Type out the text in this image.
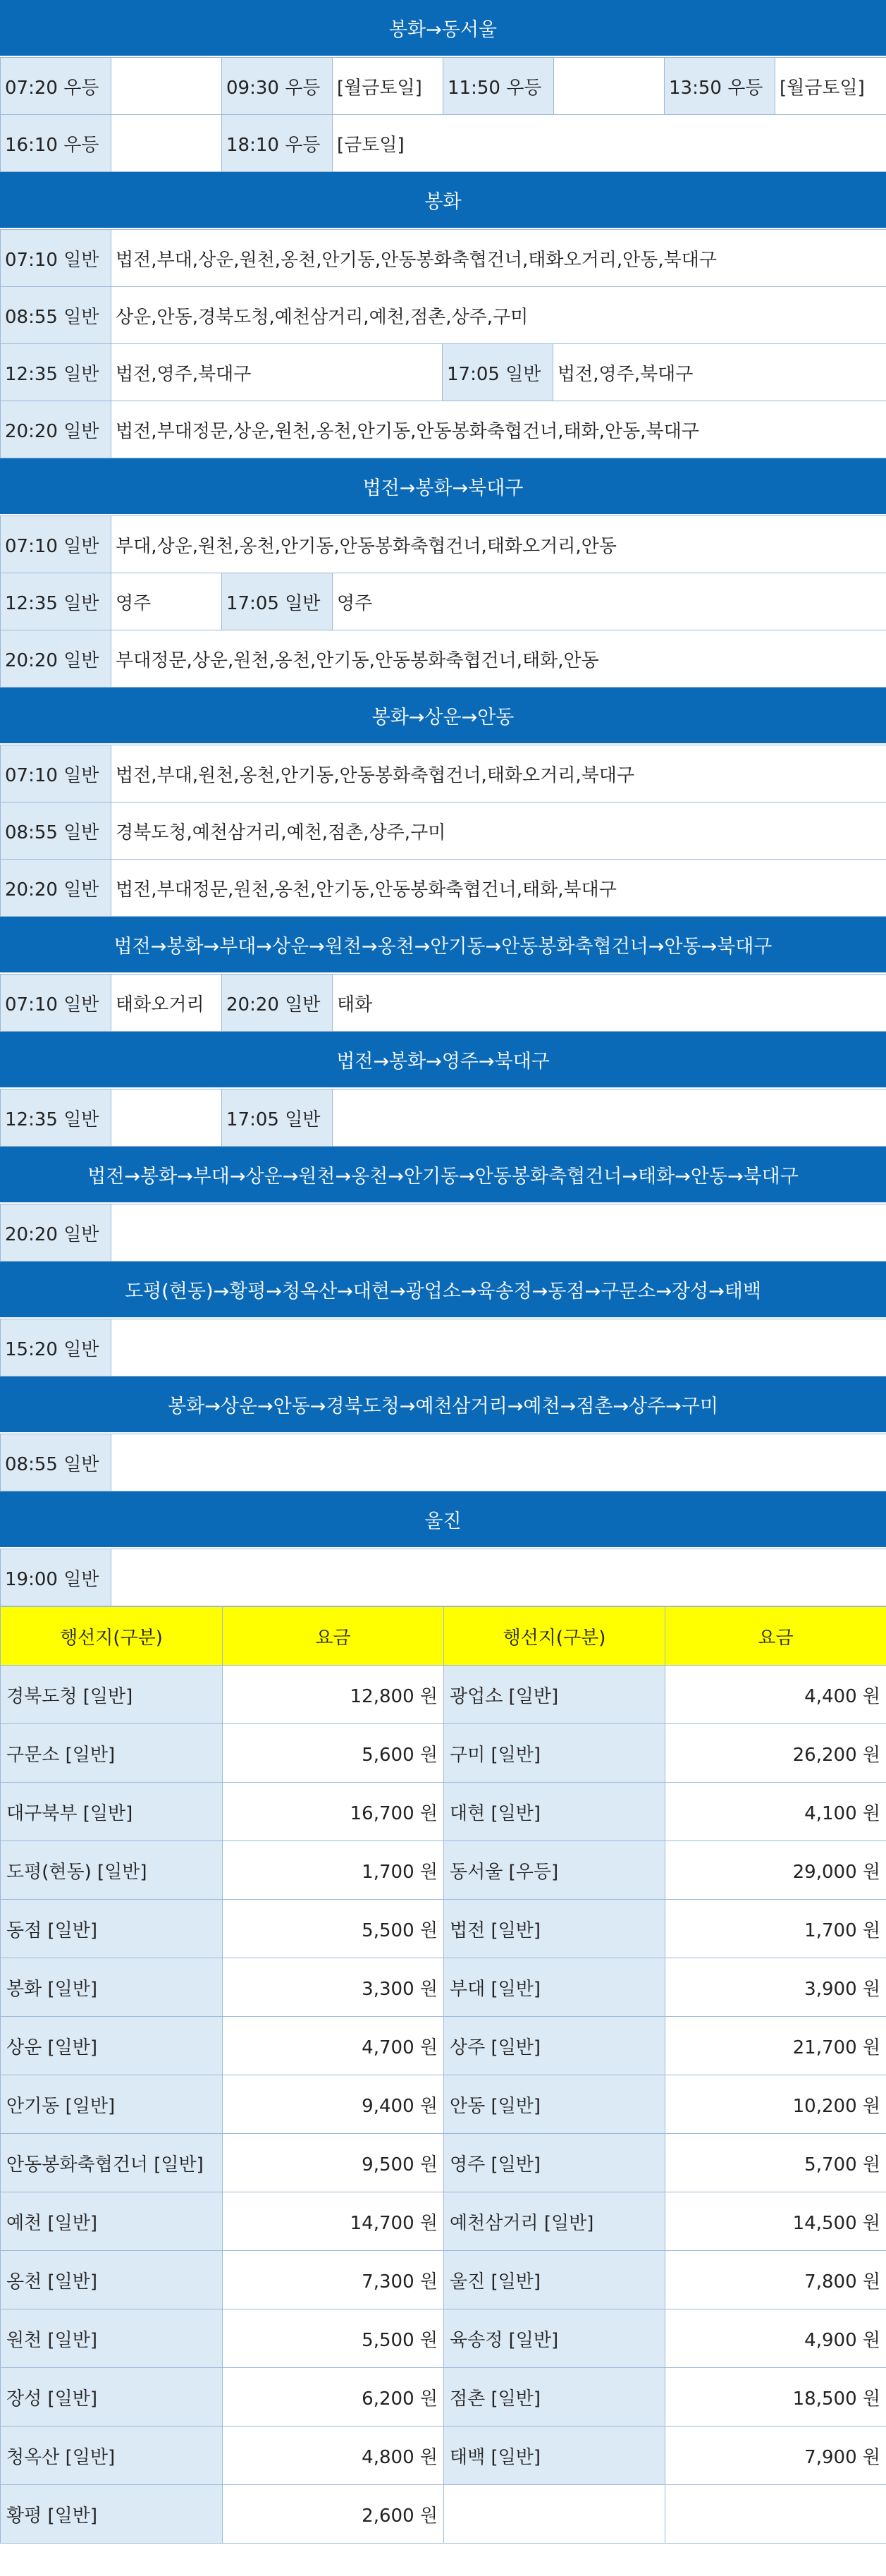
봉화→동서울
07:20 우등		09:30 우등	[월금토일]	11:50 우등		13:50 우등	[월금토일]
16:10 우등		18:10 우등	[금토일]				
봉화
07:10 일반	법전,부대,상운,원천,옹천,안기동,안동봉화축협건너,태화오거리,안동,북대구		
08:55 일반	상운,안동,경북도청,예천삼거리,예천,점촌,상주,구미		
12:35 일반	법전,영주,북대구	17:05 일반	법전,영주,북대구
20:20 일반	법전,부대정문,상운,원천,옹천,안기동,안동봉화축협건너,태화,안동,북대구		
법전→봉화→북대구
07:10 일반	부대,상운,원천,옹천,안기동,안동봉화축협건너,태화오거리,안동		
12:35 일반	영주	17:05 일반	영주
20:20 일반	부대정문,상운,원천,옹천,안기동,안동봉화축협건너,태화,안동		
봉화→상운→안동
07:10 일반	법전,부대,원천,옹천,안기동,안동봉화축협건너,태화오거리,북대구
08:55 일반	경북도청,예천삼거리,예천,점촌,상주,구미
20:20 일반	법전,부대정문,원천,옹천,안기동,안동봉화축협건너,태화,북대구
법전→봉화→부대→상운→원천→옹천→안기동→안동봉화축협건너→안동→북대구
07:10 일반	태화오거리	20:20 일반	태화
법전→봉화→영주→북대구
12:35 일반		17:05 일반	
법전→봉화→부대→상운→원천→옹천→안기동→안동봉화축협건너→태화→안동→북대구
20:20 일반	
도평(현동)→황평→청옥산→대현→광업소→육송정→동점→구문소→장성→태백
15:20 일반	
봉화→상운→안동→경북도청→예천삼거리→예천→점촌→상주→구미
08:55 일반	
울진
19:00 일반	
행선지(구분)	요금	행선지(구분)	요금
경북도청 [일반]	12,800 원	광업소 [일반]	4,400 원
구문소 [일반]	5,600 원	구미 [일반]	26,200 원
대구북부 [일반]	16,700 원	대현 [일반]	4,100 원
도평(현동) [일반]	1,700 원	동서울 [우등]	29,000 원
동점 [일반]	5,500 원	법전 [일반]	1,700 원
봉화 [일반]	3,300 원	부대 [일반]	3,900 원
상운 [일반]	4,700 원	상주 [일반]	21,700 원
안기동 [일반]	9,400 원	안동 [일반]	10,200 원
안동봉화축협건너 [일반]	9,500 원	영주 [일반]	5,700 원
예천 [일반]	14,700 원	예천삼거리 [일반]	14,500 원
옹천 [일반]	7,300 원	울진 [일반]	7,800 원
원천 [일반]	5,500 원	육송정 [일반]	4,900 원
장성 [일반]	6,200 원	점촌 [일반]	18,500 원
청옥산 [일반]	4,800 원	태백 [일반]	7,900 원
황평 [일반]	2,600 원		
